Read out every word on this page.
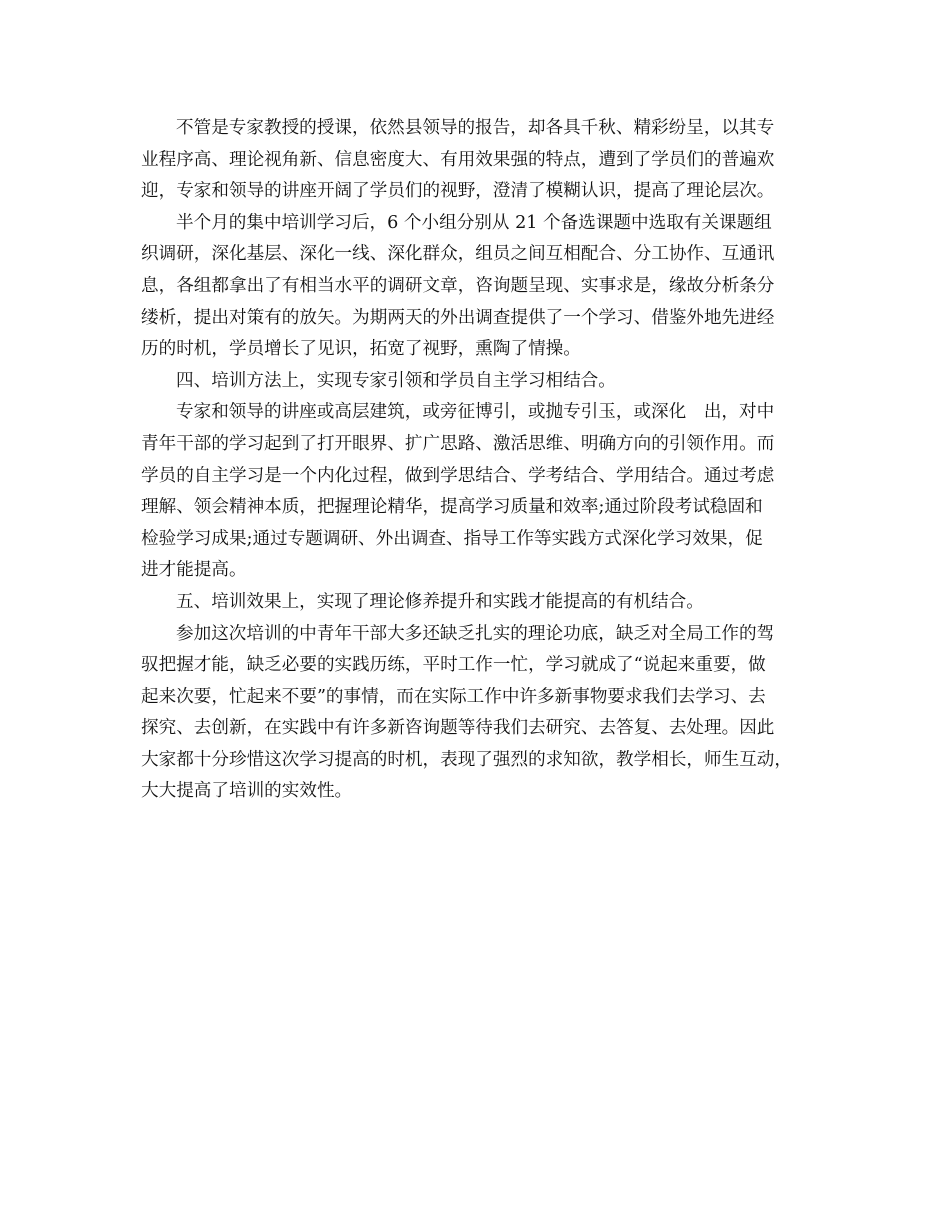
不管是专家教授的授课，依然县领导的报告，却各具千秋、精彩纷呈，以其专
业程序高、理论视角新、信息密度大、有用效果强的特点，遭到了学员们的普遍欢
迎，专家和领导的讲座开阔了学员们的视野，澄清了模糊认识，提高了理论层次。
半个月的集中培训学习后，6 个小组分别从 21 个备选课题中选取有关课题组
织调研，深化基层、深化一线、深化群众，组员之间互相配合、分工协作、互通讯
息，各组都拿出了有相当水平的调研文章，咨询题呈现、实事求是，缘故分析条分
缕析，提出对策有的放矢。为期两天的外出调查提供了一个学习、借鉴外地先进经
历的时机，学员增长了见识，拓宽了视野，熏陶了情操。
四、培训方法上，实现专家引领和学员自主学习相结合。
专家和领导的讲座或高层建筑，或旁征博引，或抛专引玉，或深化　出，对中
青年干部的学习起到了打开眼界、扩广思路、激活思维、明确方向的引领作用。而
学员的自主学习是一个内化过程，做到学思结合、学考结合、学用结合。通过考虑
理解、领会精神本质，把握理论精华，提高学习质量和效率;通过阶段考试稳固和
检验学习成果;通过专题调研、外出调查、指导工作等实践方式深化学习效果，促
进才能提高。
五、培训效果上，实现了理论修养提升和实践才能提高的有机结合。
参加这次培训的中青年干部大多还缺乏扎实的理论功底，缺乏对全局工作的驾
驭把握才能，缺乏必要的实践历练，平时工作一忙，学习就成了“说起来重要，做
起来次要，忙起来不要”的事情，而在实际工作中许多新事物要求我们去学习、去
探究、去创新，在实践中有许多新咨询题等待我们去研究、去答复、去处理。因此
大家都十分珍惜这次学习提高的时机，表现了强烈的求知欲，教学相长，师生互动，
大大提高了培训的实效性。
